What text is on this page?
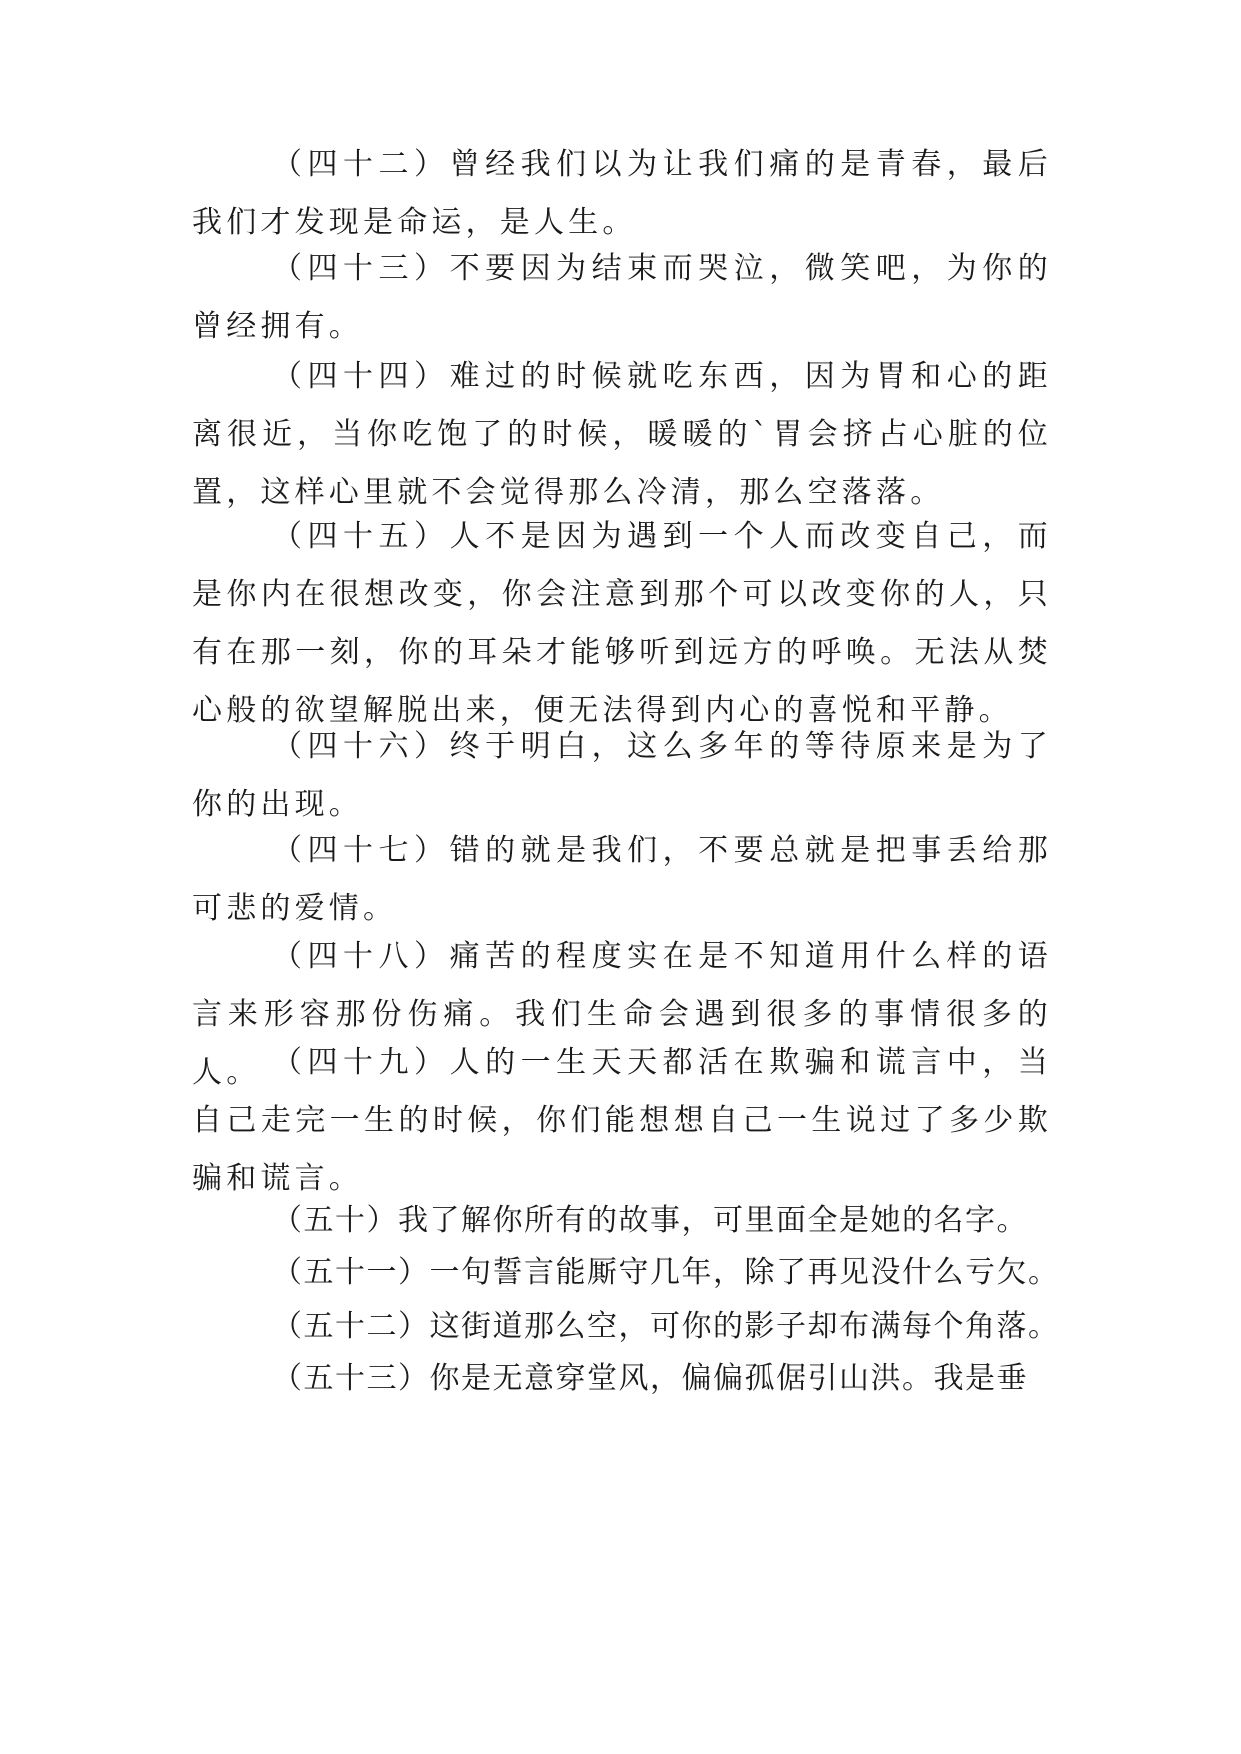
（四十二）曾经我们以为让我们痛的是青春，最后我们才发现是命运，是人生。

（四十三）不要因为结束而哭泣，微笑吧，为你的曾经拥有。

（四十四）难过的时候就吃东西，因为胃和心的距离很近，当你吃饱了的时候，暖暖的`胃会挤占心脏的位置，这样心里就不会觉得那么冷清，那么空落落。

（四十五）人不是因为遇到一个人而改变自己，而是你内在很想改变，你会注意到那个可以改变你的人，只有在那一刻，你的耳朵才能够听到远方的呼唤。无法从焚心般的欲望解脱出来，便无法得到内心的喜悦和平静。

（四十六）终于明白，这么多年的等待原来是为了你的出现。

（四十七）错的就是我们，不要总就是把事丢给那可悲的爱情。

（四十八）痛苦的程度实在是不知道用什么样的语言来形容那份伤痛。我们生命会遇到很多的事情很多的人。 （四十九）人的一生天天都活在欺骗和谎言中，当自己走完一生的时候，你们能想想自己一生说过了多少欺骗和谎言。

（五十）我了解你所有的故事，可里面全是她的名字。

（五十一）一句誓言能厮守几年，除了再见没什么亏欠。

（五十二）这街道那么空，可你的影子却布满每个角落。

（五十三）你是无意穿堂风，偏偏孤倨引山洪。我是垂
